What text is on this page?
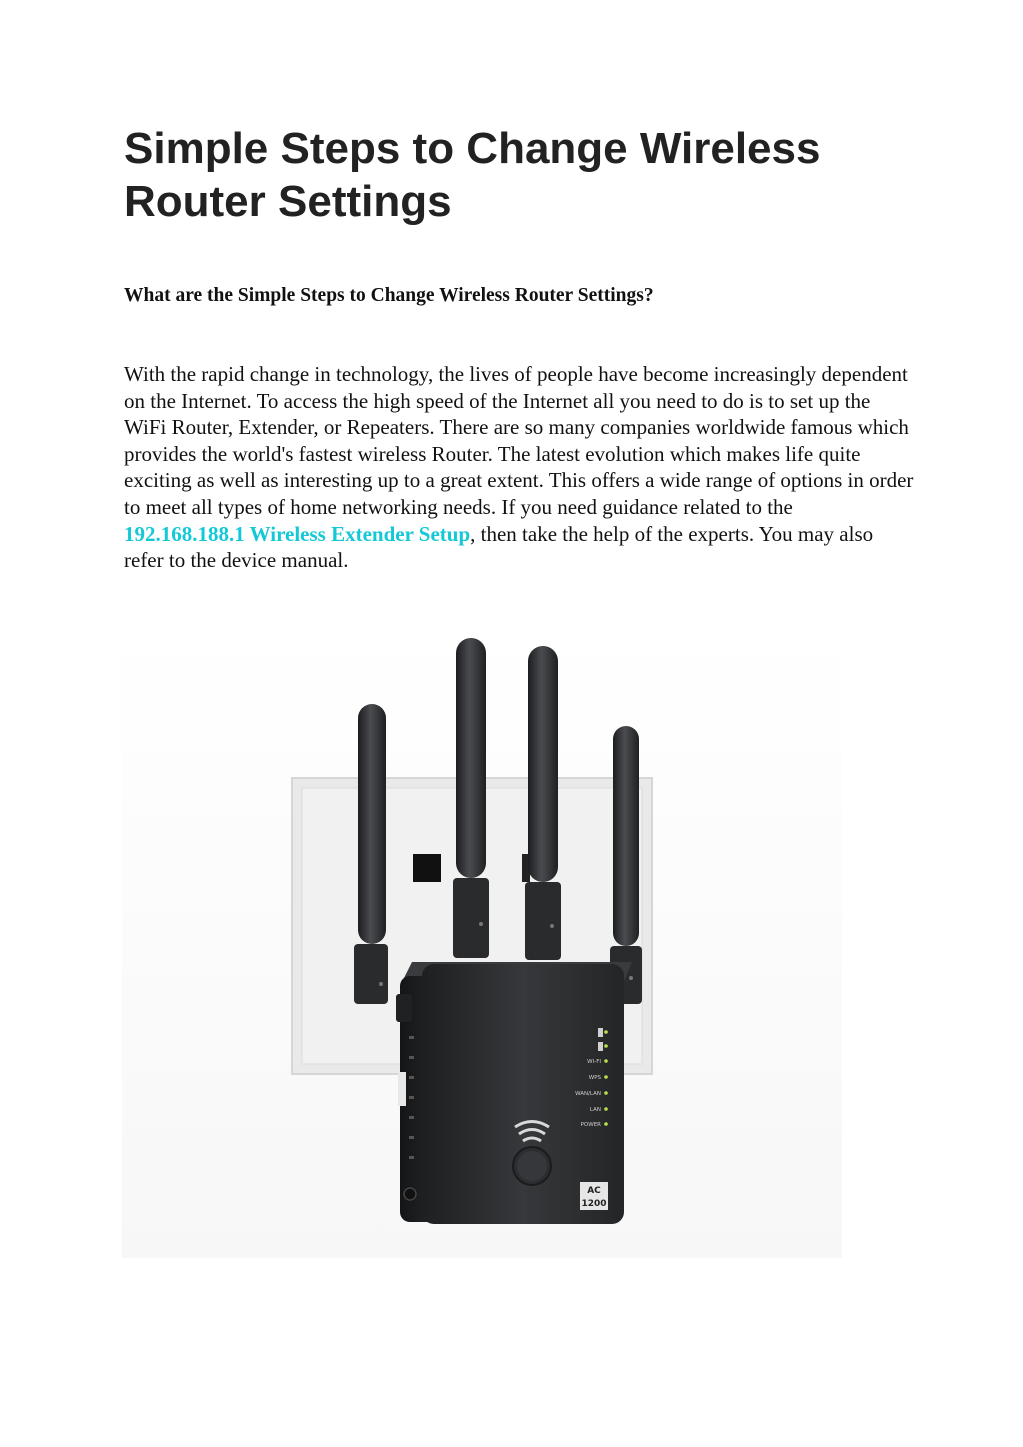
Simple Steps to Change Wireless Router Settings
What are the Simple Steps to Change Wireless Router Settings?

With the rapid change in technology, the lives of people have become increasingly dependent on the Internet. To access the high speed of the Internet all you need to do is to set up the WiFi Router, Extender, or Repeaters. There are so many companies worldwide famous which provides the world's fastest wireless Router. The latest evolution which makes life quite exciting as well as interesting up to a great extent. This offers a wide range of options in order to meet all types of home networking needs. If you need guidance related to the 192.168.188.1 Wireless Extender Setup, then take the help of the experts. You may also refer to the device manual.

WI-FI
WPS
WAN/LAN
LAN
POWER
AC
1200
